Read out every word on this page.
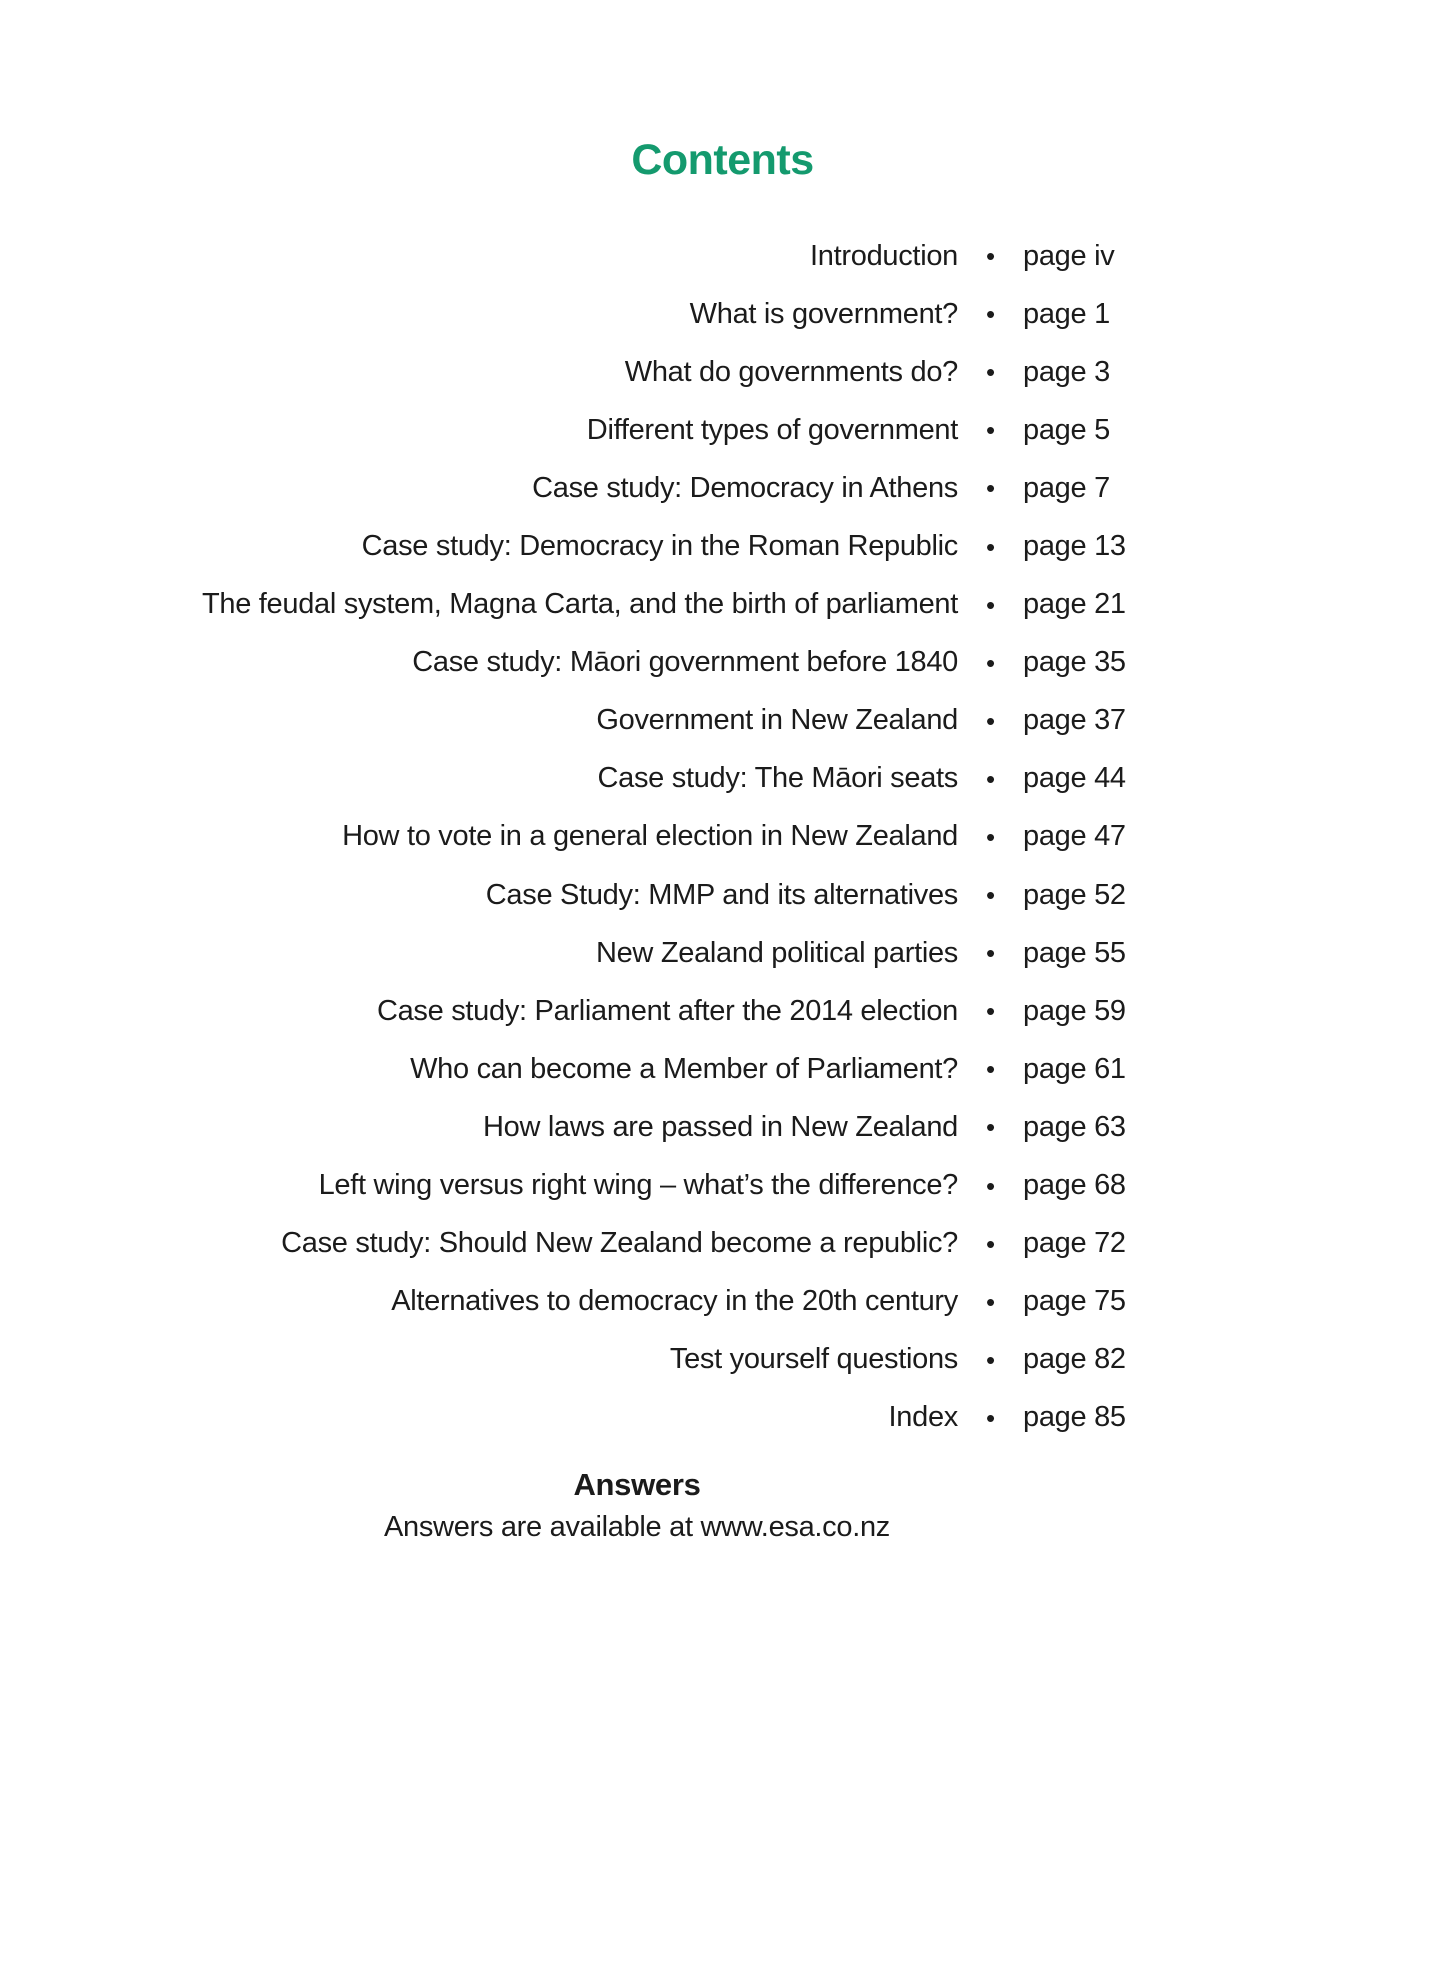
Contents
Introduction	• page iv
What is government?	• page 1
What do governments do?	• page 3
Different types of government	• page 5
Case study: Democracy in Athens	• page 7
Case study: Democracy in the Roman Republic	• page 13
The feudal system, Magna Carta, and the birth of parliament	• page 21
Case study: Māori government before 1840	• page 35
Government in New Zealand	• page 37
Case study: The Māori seats	• page 44
How to vote in a general election in New Zealand	• page 47
Case Study: MMP and its alternatives	• page 52
New Zealand political parties	• page 55
Case study: Parliament after the 2014 election	• page 59
Who can become a Member of Parliament?	• page 61
How laws are passed in New Zealand	• page 63
Left wing versus right wing – what’s the difference?	• page 68
Case study: Should New Zealand become a republic?	• page 72
Alternatives to democracy in the 20th century	• page 75
Test yourself questions	• page 82
Index	• page 85
Answers
Answers are available at www.esa.co.nz
